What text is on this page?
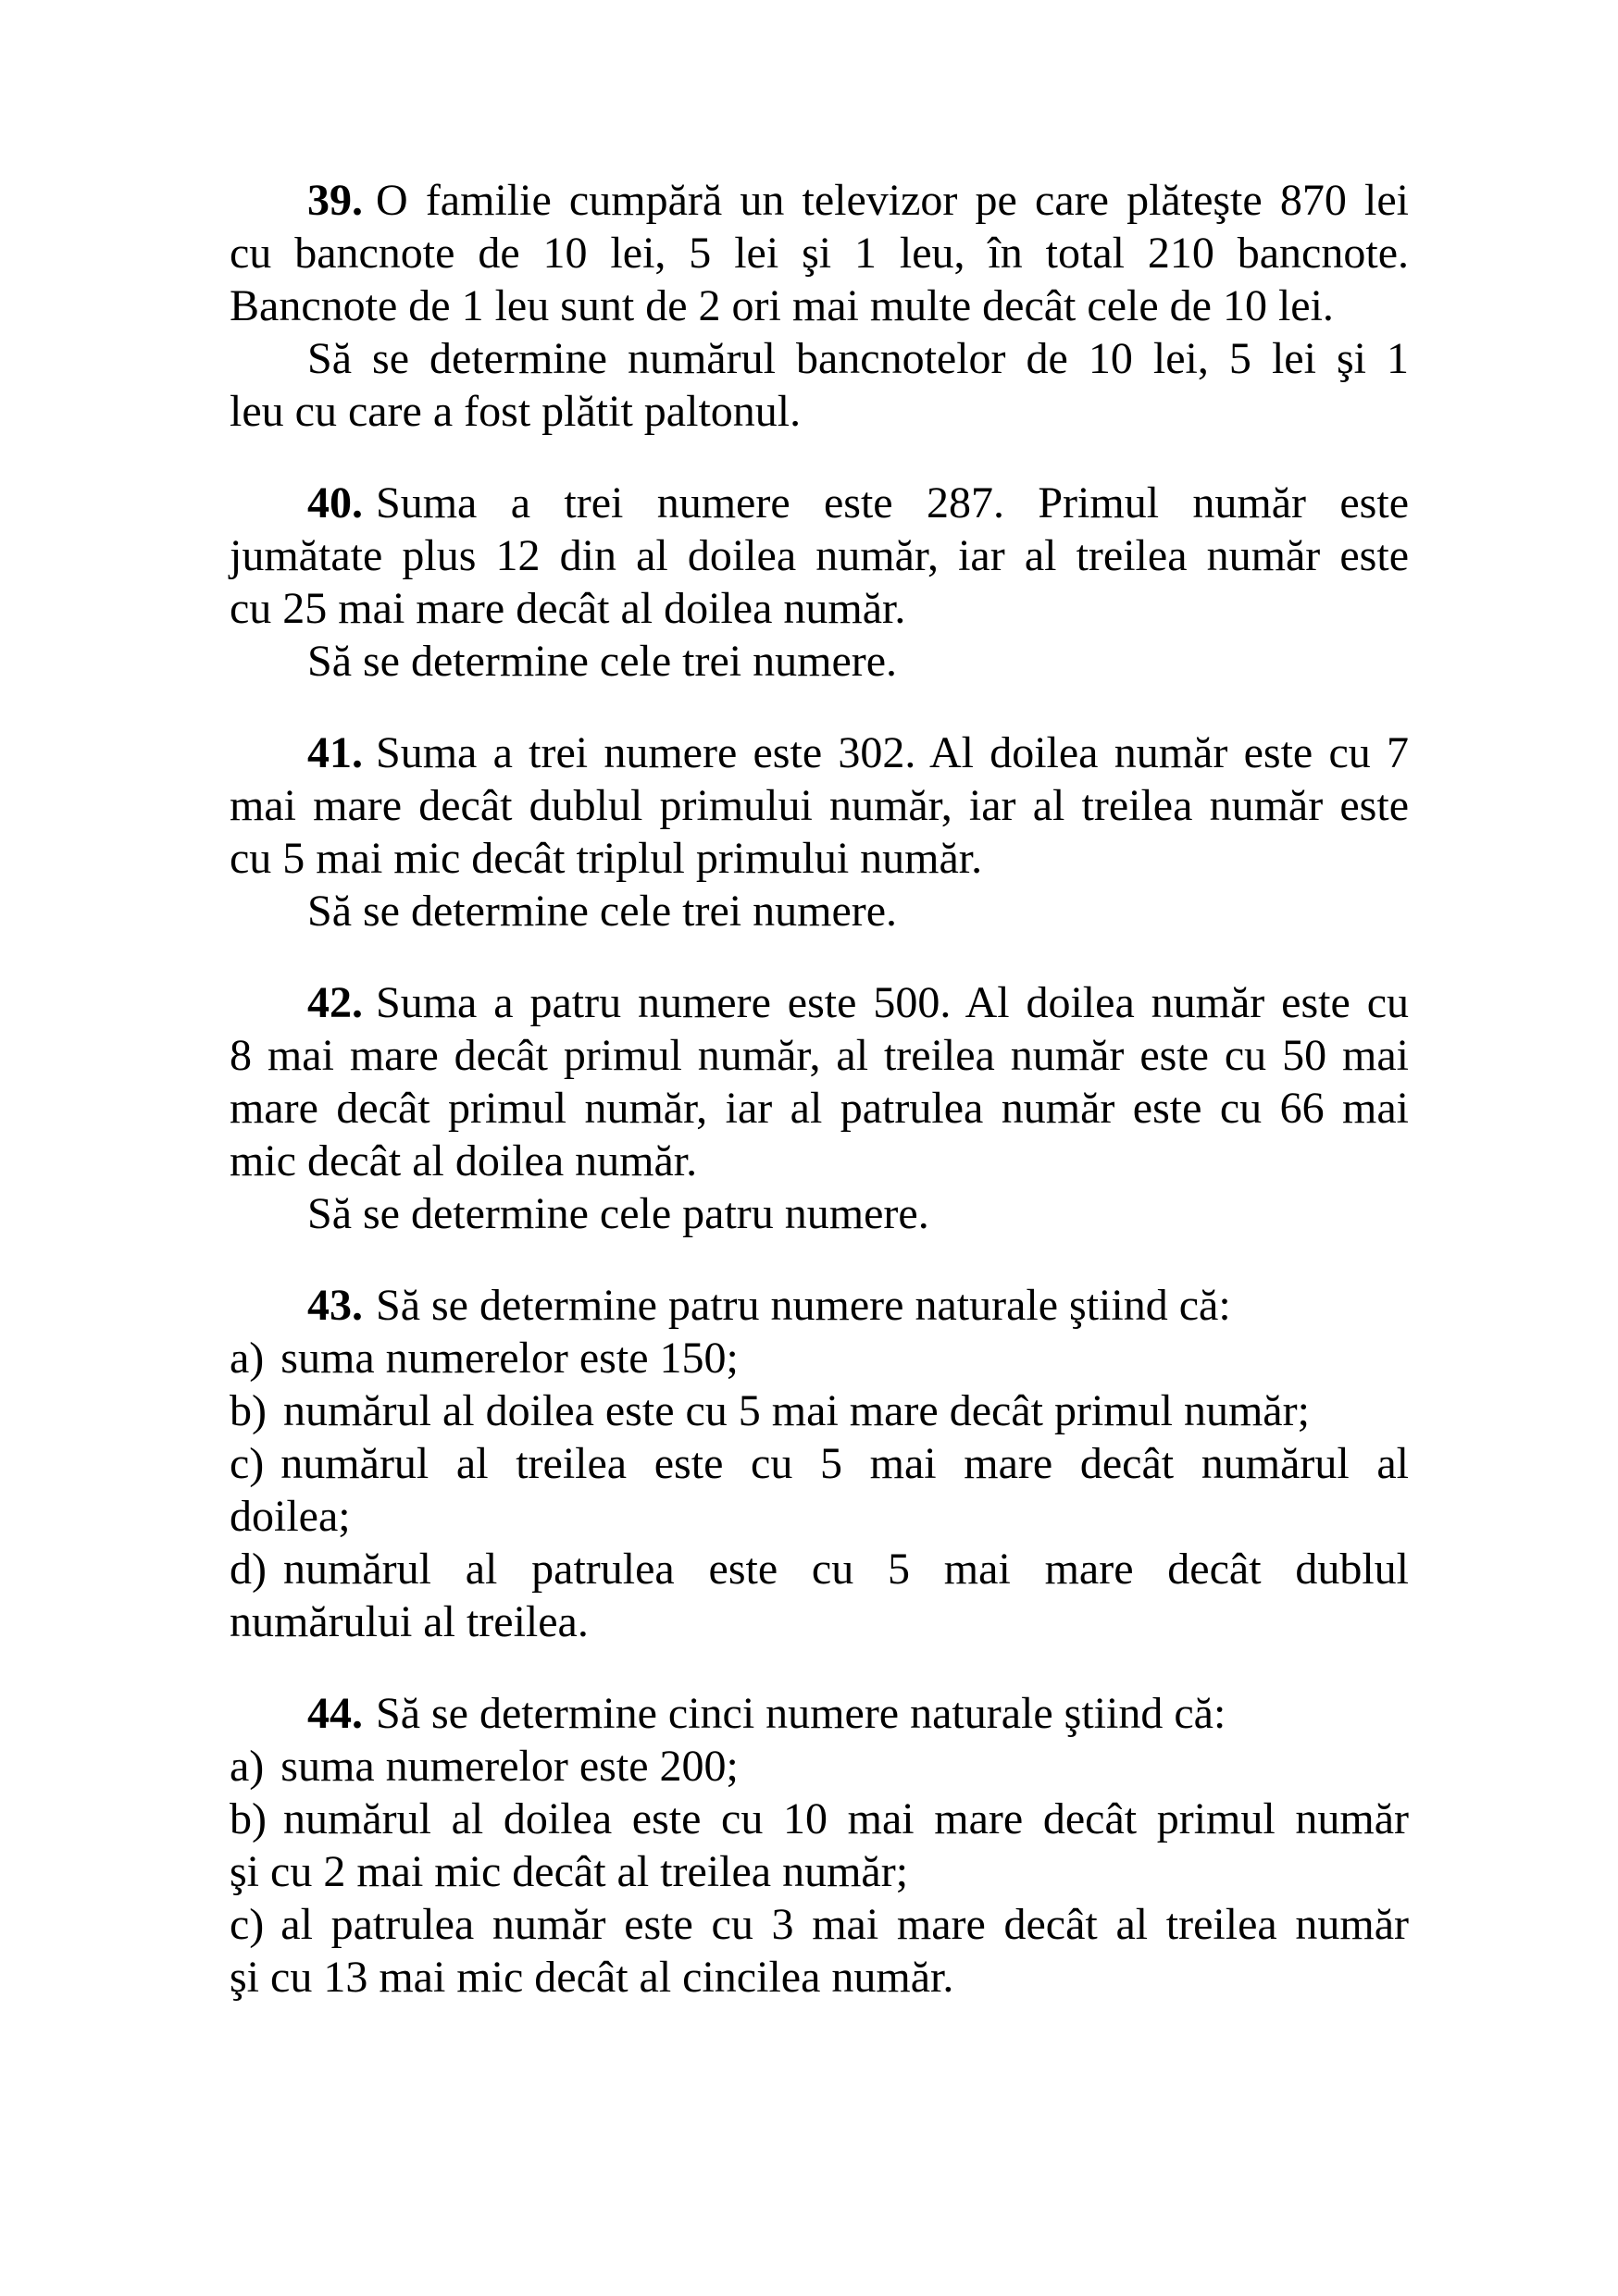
39. O familie cumpără un televizor pe care plăteşte 870 lei
cu bancnote de 10 lei, 5 lei şi 1 leu, în total 210 bancnote.
Bancnote de 1 leu sunt de 2 ori mai multe decât cele de 10 lei.

Să se determine numărul bancnotelor de 10 lei, 5 lei şi 1
leu cu care a fost plătit paltonul.

40. Suma a trei numere este 287. Primul număr este
jumătate plus 12 din al doilea număr, iar al treilea număr este
cu 25 mai mare decât al doilea număr.

Să se determine cele trei numere.

41. Suma a trei numere este 302. Al doilea număr este cu 7
mai mare decât dublul primului număr, iar al treilea număr este
cu 5 mai mic decât triplul primului număr.

Să se determine cele trei numere.

42. Suma a patru numere este 500. Al doilea număr este cu
8 mai mare decât primul număr, al treilea număr este cu 50 mai
mare decât primul număr, iar al patrulea număr este cu 66 mai
mic decât al doilea număr.

Să se determine cele patru numere.

43. Să se determine patru numere naturale ştiind că:

a) suma numerelor este 150;
b) numărul al doilea este cu 5 mai mare decât primul număr;
c) numărul al treilea este cu 5 mai mare decât numărul al
doilea;
d) numărul al patrulea este cu 5 mai mare decât dublul
numărului al treilea.

44. Să se determine cinci numere naturale ştiind că:

a) suma numerelor este 200;
b) numărul al doilea este cu 10 mai mare decât primul număr
şi cu 2 mai mic decât al treilea număr;
c) al patrulea număr este cu 3 mai mare decât al treilea număr
şi cu 13 mai mic decât al cincilea număr.
